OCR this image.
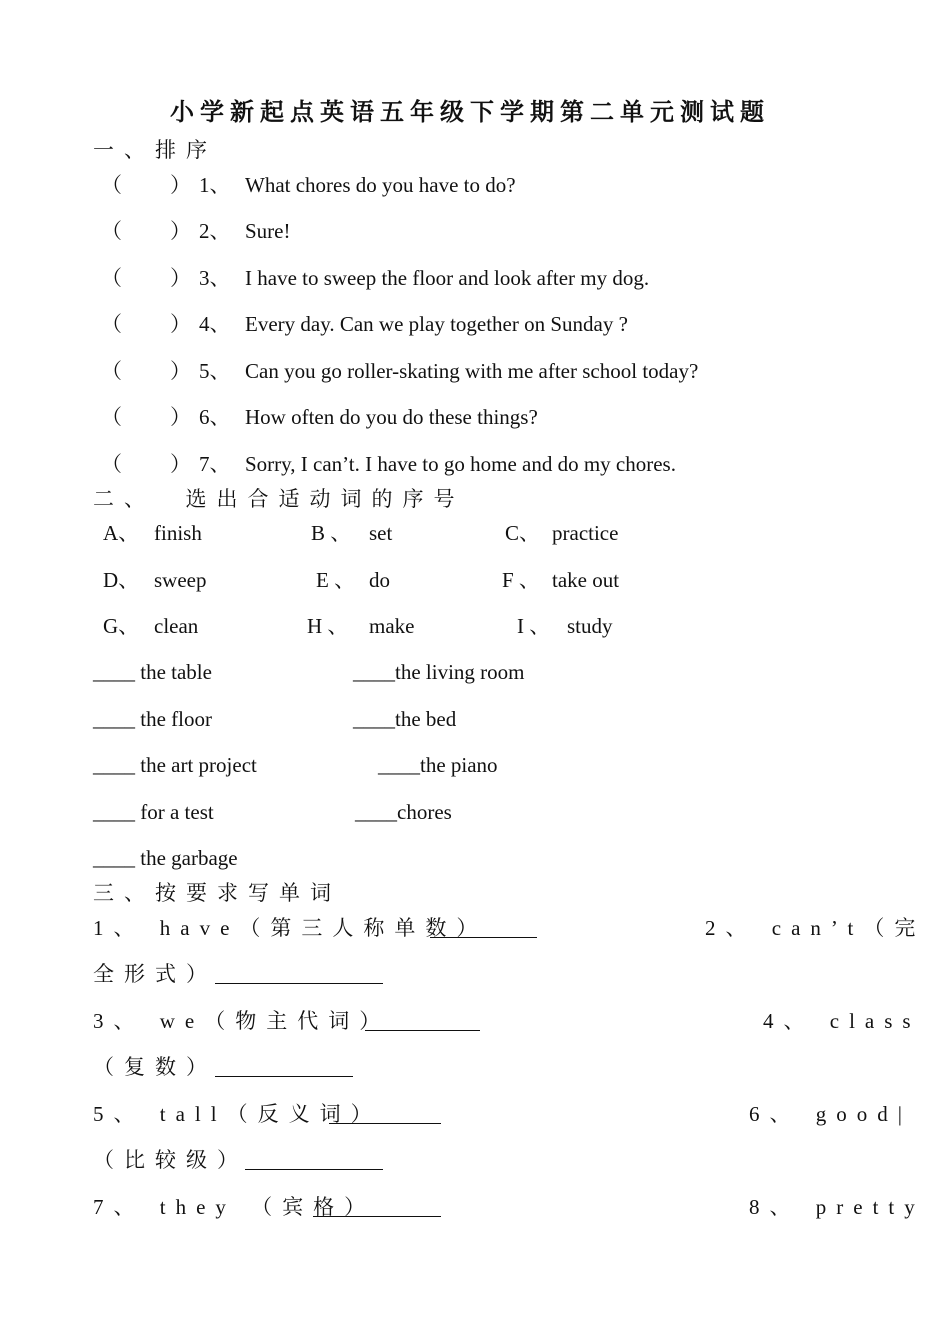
小学新起点英语五年级下学期第二单元测试题
一、排序
（ ） 1、 What chores do you have to do?
（ ） 2、 Sure!
（ ） 3、 I have to sweep the floor and look after my dog.
（ ） 4、 Every day. Can we play together on Sunday ?
（ ） 5、 Can you go roller-skating with me after school today?
（ ） 6、 How often do you do these things?
（ ） 7、 Sorry, I can’t. I have to go home and do my chores.
二、  选出合适动词的序号
A、 finish	B 、 set	C、 practice
D、 sweep	E 、 do	F 、 take out
G、 clean	H 、 make	I 、 study
____ the table	____the living room
____ the floor	____the bed
____ the art project	____the piano
____ for a test	____chores
____ the garbage
三、按要求写单词
1、 have（第三人称单数）	2、 can’t（完
全形式）
3、 we（物主代词）	4、 class
（复数）
5、 tall（反义词）	6、 good|
（比较级）
7、 they （宾格）	8、 pretty
